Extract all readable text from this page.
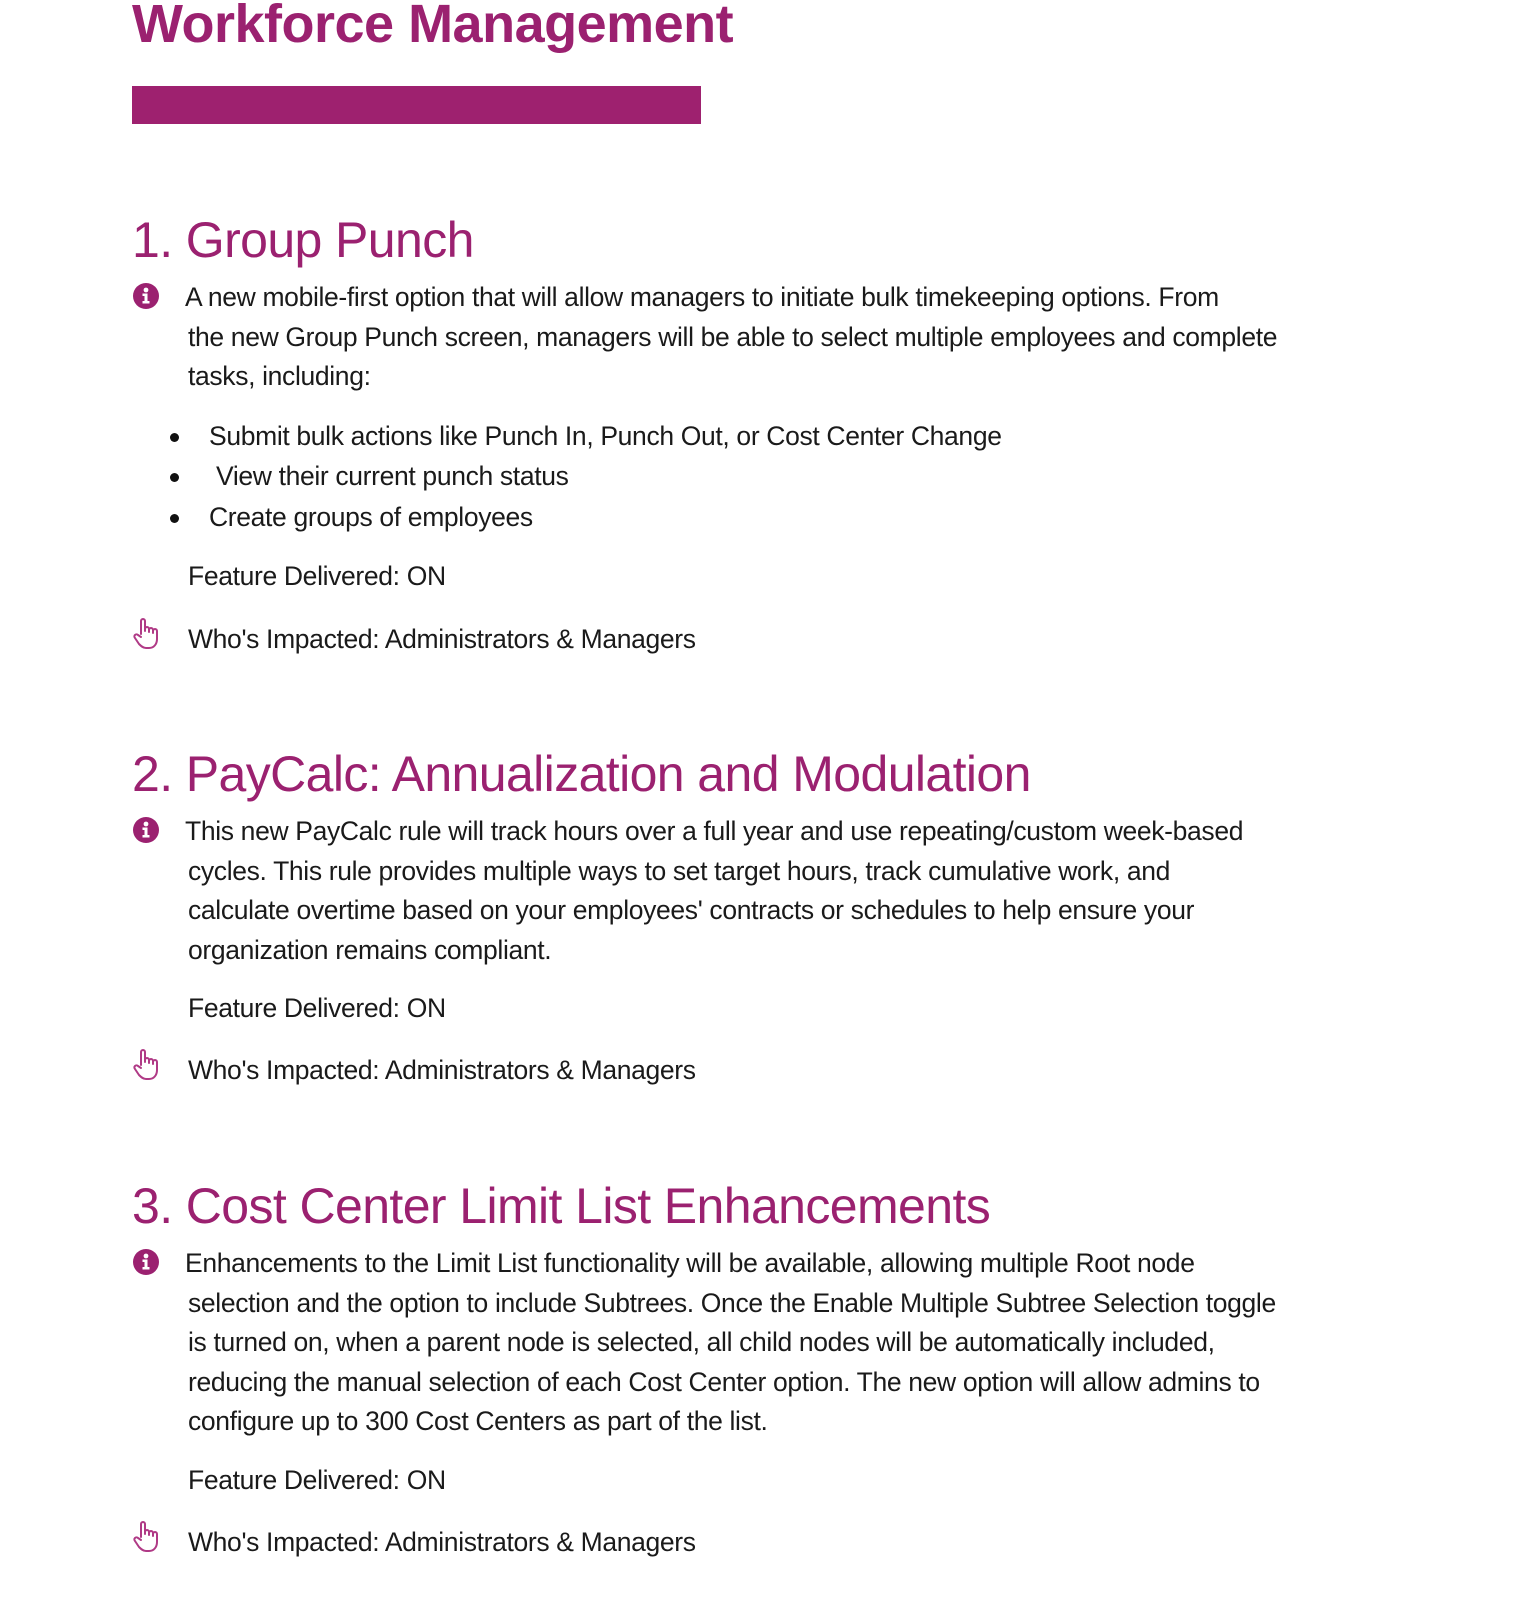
Workforce Management
1. Group Punch

A new mobile-first option that will allow managers to initiate bulk timekeeping options. From
the new Group Punch screen, managers will be able to select multiple employees and complete
tasks, including:

Submit bulk actions like Punch In, Punch Out, or Cost Center Change
View their current punch status
Create groups of employees
Feature Delivered: ON
Who's Impacted: Administrators & Managers
2. PayCalc: Annualization and Modulation

This new PayCalc rule will track hours over a full year and use repeating/custom week-based
cycles. This rule provides multiple ways to set target hours, track cumulative work, and
calculate overtime based on your employees' contracts or schedules to help ensure your
organization remains compliant.

Feature Delivered: ON
Who's Impacted: Administrators & Managers
3. Cost Center Limit List Enhancements

Enhancements to the Limit List functionality will be available, allowing multiple Root node
selection and the option to include Subtrees. Once the Enable Multiple Subtree Selection toggle
is turned on, when a parent node is selected, all child nodes will be automatically included,
reducing the manual selection of each Cost Center option. The new option will allow admins to
configure up to 300 Cost Centers as part of the list.

Feature Delivered: ON
Who's Impacted: Administrators & Managers
